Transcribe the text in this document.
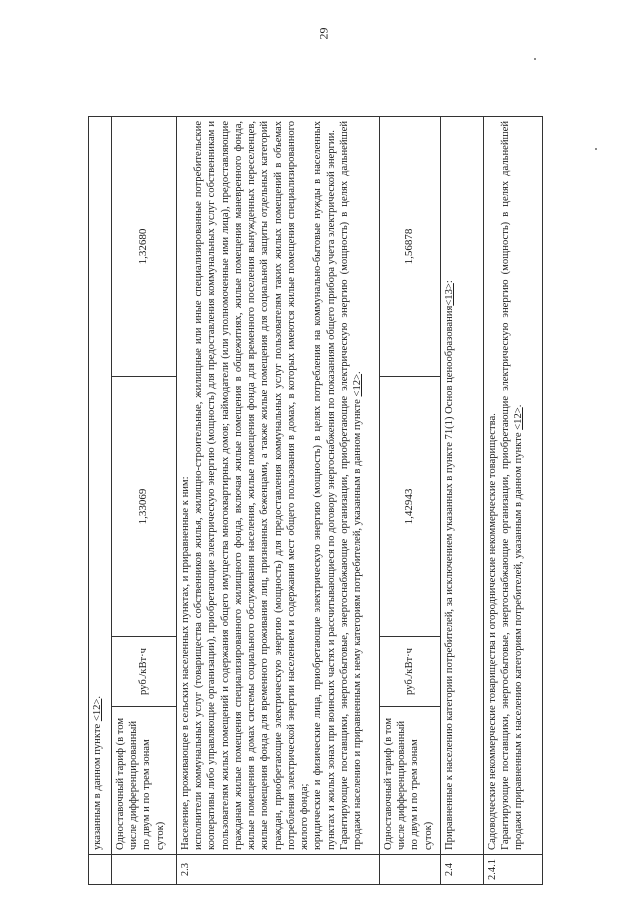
29
	указанным в данном пункте <12>.			
	Одноставочный тариф (в том числе дифференцированный по двум и по трем зонам суток)	руб./кВт·ч	1,33069	1,32680
2.3	Население, проживающее в сельских населенных пунктах, и приравненные к ним: исполнители коммунальных услуг (товарищества собственников жилья, жилищно-строительные, жилищные или иные специализированные потребительские кооперативы либо управляющие организации), приобретающие электрическую энергию (мощность) для предоставления коммунальных услуг собственникам и пользователям жилых помещений и содержания общего имущества многоквартирных домов; наймодатели (или уполномоченные ими лица), предоставляющие гражданам жилые помещения специализированного жилищного фонда, включая жилые помещения в общежитиях, жилые помещения маневренного фонда, жилые помещения в домах системы социального обслуживания населения, жилые помещения фонда для временного поселения вынужденных переселенцев, жилые помещения фонда для временного проживания лиц, признанных беженцами, а также жилые помещения для социальной защиты отдельных категорий граждан, приобретающие электрическую энергию (мощность) для предоставления коммунальных услуг пользователям таких жилых помещений в объемах потребления электрической энергии населением и содержания мест общего пользования в домах, в которых имеются жилые помещения специализированного жилого фонда; юридические и физические лица, приобретающие электрическую энергию (мощность) в целях потребления на коммунально-бытовые нужды в населенных пунктах и жилых зонах при воинских частях и рассчитывающиеся по договору энергоснабжения по показаниям общего прибора учета электрической энергии. Гарантирующие поставщики, энергосбытовые, энергоснабжающие организации, приобретающие электрическую энергию (мощность) в целях дальнейшей продажи населению и приравненным к нему категориям потребителей, указанным в данном пункте <12>.			

	Одноставочный тариф (в том числе дифференцированный по двум и по трем зонам суток)	руб./кВт·ч	1,42943	1,56878
2.4	Приравненные к населению категории потребителей, за исключением указанных в пункте 71(1) Основ ценообразования<13>:			
2.4.1	Садоводческие некоммерческие товарищества и огороднические некоммерческие товарищества. Гарантирующие поставщики, энергосбытовые, энергоснабжающие организации, приобретающие электрическую энергию (мощность) в целях дальнейшей продажи приравненным к населению категориям потребителей, указанным в данном пункте <12>.			
